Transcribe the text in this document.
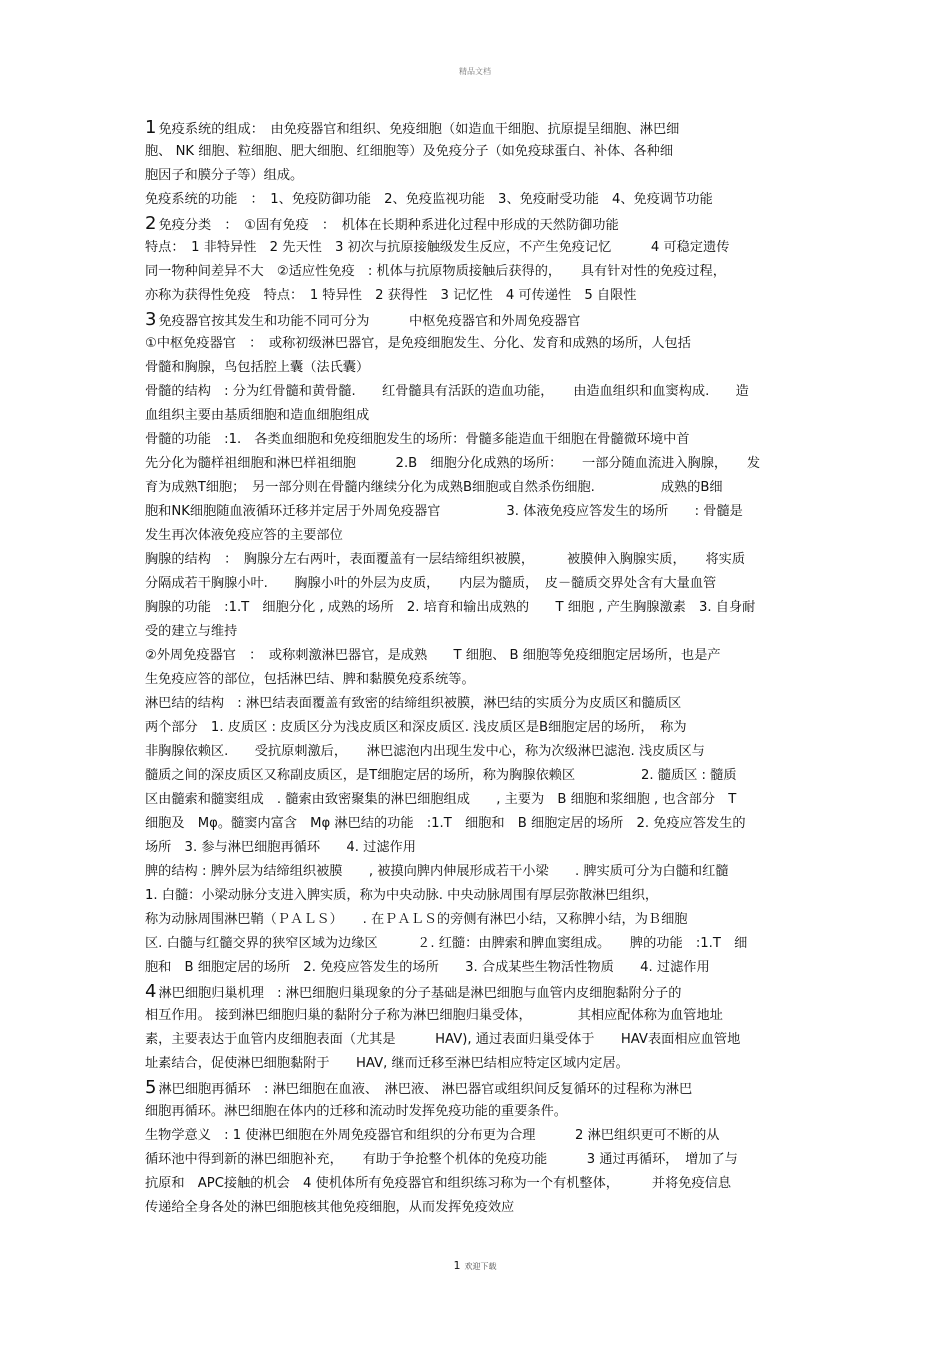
精品文档
1 免疫系统的组成：　由免疫器官和组织、免疫细胞（如造血干细胞、抗原提呈细胞、淋巴细
胞、 NK 细胞、粒细胞、肥大细胞、红细胞等）及免疫分子（如免疫球蛋白、补体、各种细
胞因子和膜分子等）组成。
免疫系统的功能　：　1、免疫防御功能　2、免疫监视功能　3、免疫耐受功能　4、免疫调节功能
2 免疫分类　：　①固有免疫　：　机体在长期种系进化过程中形成的天然防御功能
特点：　1 非特异性　2 先天性　3 初次与抗原接触级发生反应，不产生免疫记忆　　　4 可稳定遗传
同一物种间差异不大　②适应性免疫　: 机体与抗原物质接触后获得的，　　具有针对性的免疫过程，
亦称为获得性免疫　特点：　1 特异性　2 获得性　3 记忆性　4 可传递性　5 自限性
3 免疫器官按其发生和功能不同可分为　　　中枢免疫器官和外周免疫器官
①中枢免疫器官　：　或称初级淋巴器官，是免疫细胞发生、分化、发育和成熟的场所，人包括
骨髓和胸腺，鸟包括腔上囊（法氏囊）
骨髓的结构　: 分为红骨髓和黄骨髓.　　红骨髓具有活跃的造血功能，　　由造血组织和血窦构成.　　造
血组织主要由基质细胞和造血细胞组成
骨髓的功能　:1.　各类血细胞和免疫细胞发生的场所：骨髓多能造血干细胞在骨髓微环境中首
先分化为髓样祖细胞和淋巴样祖细胞　　　2.B　细胞分化成熟的场所：　　一部分随血流进入胸腺，　　发
育为成熟T细胞；　另一部分则在骨髓内继续分化为成熟B细胞或自然杀伤细胞.　　　　　成熟的B细
胞和NK细胞随血液循环迁移并定居于外周免疫器官　　　　　3. 体液免疫应答发生的场所　　: 骨髓是
发生再次体液免疫应答的主要部位
胸腺的结构　：　胸腺分左右两叶，表面覆盖有一层结缔组织被膜，　　　被膜伸入胸腺实质，　　将实质
分隔成若干胸腺小叶.　　胸腺小叶的外层为皮质，　　内层为髓质，　皮－髓质交界处含有大量血管
胸腺的功能　:1.T　细胞分化 , 成熟的场所　2. 培育和输出成熟的　　T 细胞 , 产生胸腺激素　3. 自身耐
受的建立与维持
②外周免疫器官　：　或称刺激淋巴器官，是成熟　　T 细胞、 B 细胞等免疫细胞定居场所，也是产
生免疫应答的部位，包括淋巴结、脾和黏膜免疫系统等。
淋巴结的结构　: 淋巴结表面覆盖有致密的结缔组织被膜，淋巴结的实质分为皮质区和髓质区
两个部分　1. 皮质区 : 皮质区分为浅皮质区和深皮质区. 浅皮质区是B细胞定居的场所，　称为
非胸腺依赖区.　　受抗原刺激后，　　淋巴滤泡内出现生发中心，称为次级淋巴滤泡. 浅皮质区与
髓质之间的深皮质区又称副皮质区，是T细胞定居的场所，称为胸腺依赖区　　　　　2. 髓质区 : 髓质
区由髓索和髓窦组成　. 髓索由致密聚集的淋巴细胞组成　　, 主要为　B 细胞和浆细胞 , 也含部分　T
细胞及　Mφ。髓窦内富含　Mφ 淋巴结的功能　:1.T　细胞和　B 细胞定居的场所　2. 免疫应答发生的
场所　3. 参与淋巴细胞再循环　　4. 过滤作用
脾的结构 : 脾外层为结缔组织被膜　　, 被摸向脾内伸展形成若干小梁　　. 脾实质可分为白髓和红髓
1. 白髓：小梁动脉分支进入脾实质，称为中央动脉. 中央动脉周围有厚层弥散淋巴组织，
称为动脉周围淋巴鞘（ＰＡＬＳ）　　. 在ＰＡＬＳ的旁侧有淋巴小结，又称脾小结，为Ｂ细胞
区. 白髓与红髓交界的狭窄区域为边缘区　　　２. 红髓：由脾索和脾血窦组成。　　脾的功能　:1.T　细
胞和　B 细胞定居的场所　2. 免疫应答发生的场所　　3. 合成某些生物活性物质　　4. 过滤作用
4 淋巴细胞归巢机理　: 淋巴细胞归巢现象的分子基础是淋巴细胞与血管内皮细胞黏附分子的
相互作用。 接到淋巴细胞归巢的黏附分子称为淋巴细胞归巢受体，　　　　其相应配体称为血管地址
素，主要表达于血管内皮细胞表面（尤其是　　　HAV), 通过表面归巢受体于　　HAV表面相应血管地
址素结合，促使淋巴细胞黏附于　　HAV, 继而迁移至淋巴结相应特定区域内定居。
5 淋巴细胞再循环　: 淋巴细胞在血液、　淋巴液、 淋巴器官或组织间反复循环的过程称为淋巴
细胞再循环。淋巴细胞在体内的迁移和流动时发挥免疫功能的重要条件。
生物学意义　: 1 使淋巴细胞在外周免疫器官和组织的分布更为合理　　　2 淋巴组织更可不断的从
循环池中得到新的淋巴细胞补充，　　有助于争抢整个机体的免疫功能　　　3 通过再循环，　增加了与
抗原和　APC接触的机会　4 使机体所有免疫器官和组织练习称为一个有机整体，　　　并将免疫信息
传递给全身各处的淋巴细胞核其他免疫细胞，从而发挥免疫效应
1 欢迎下载
